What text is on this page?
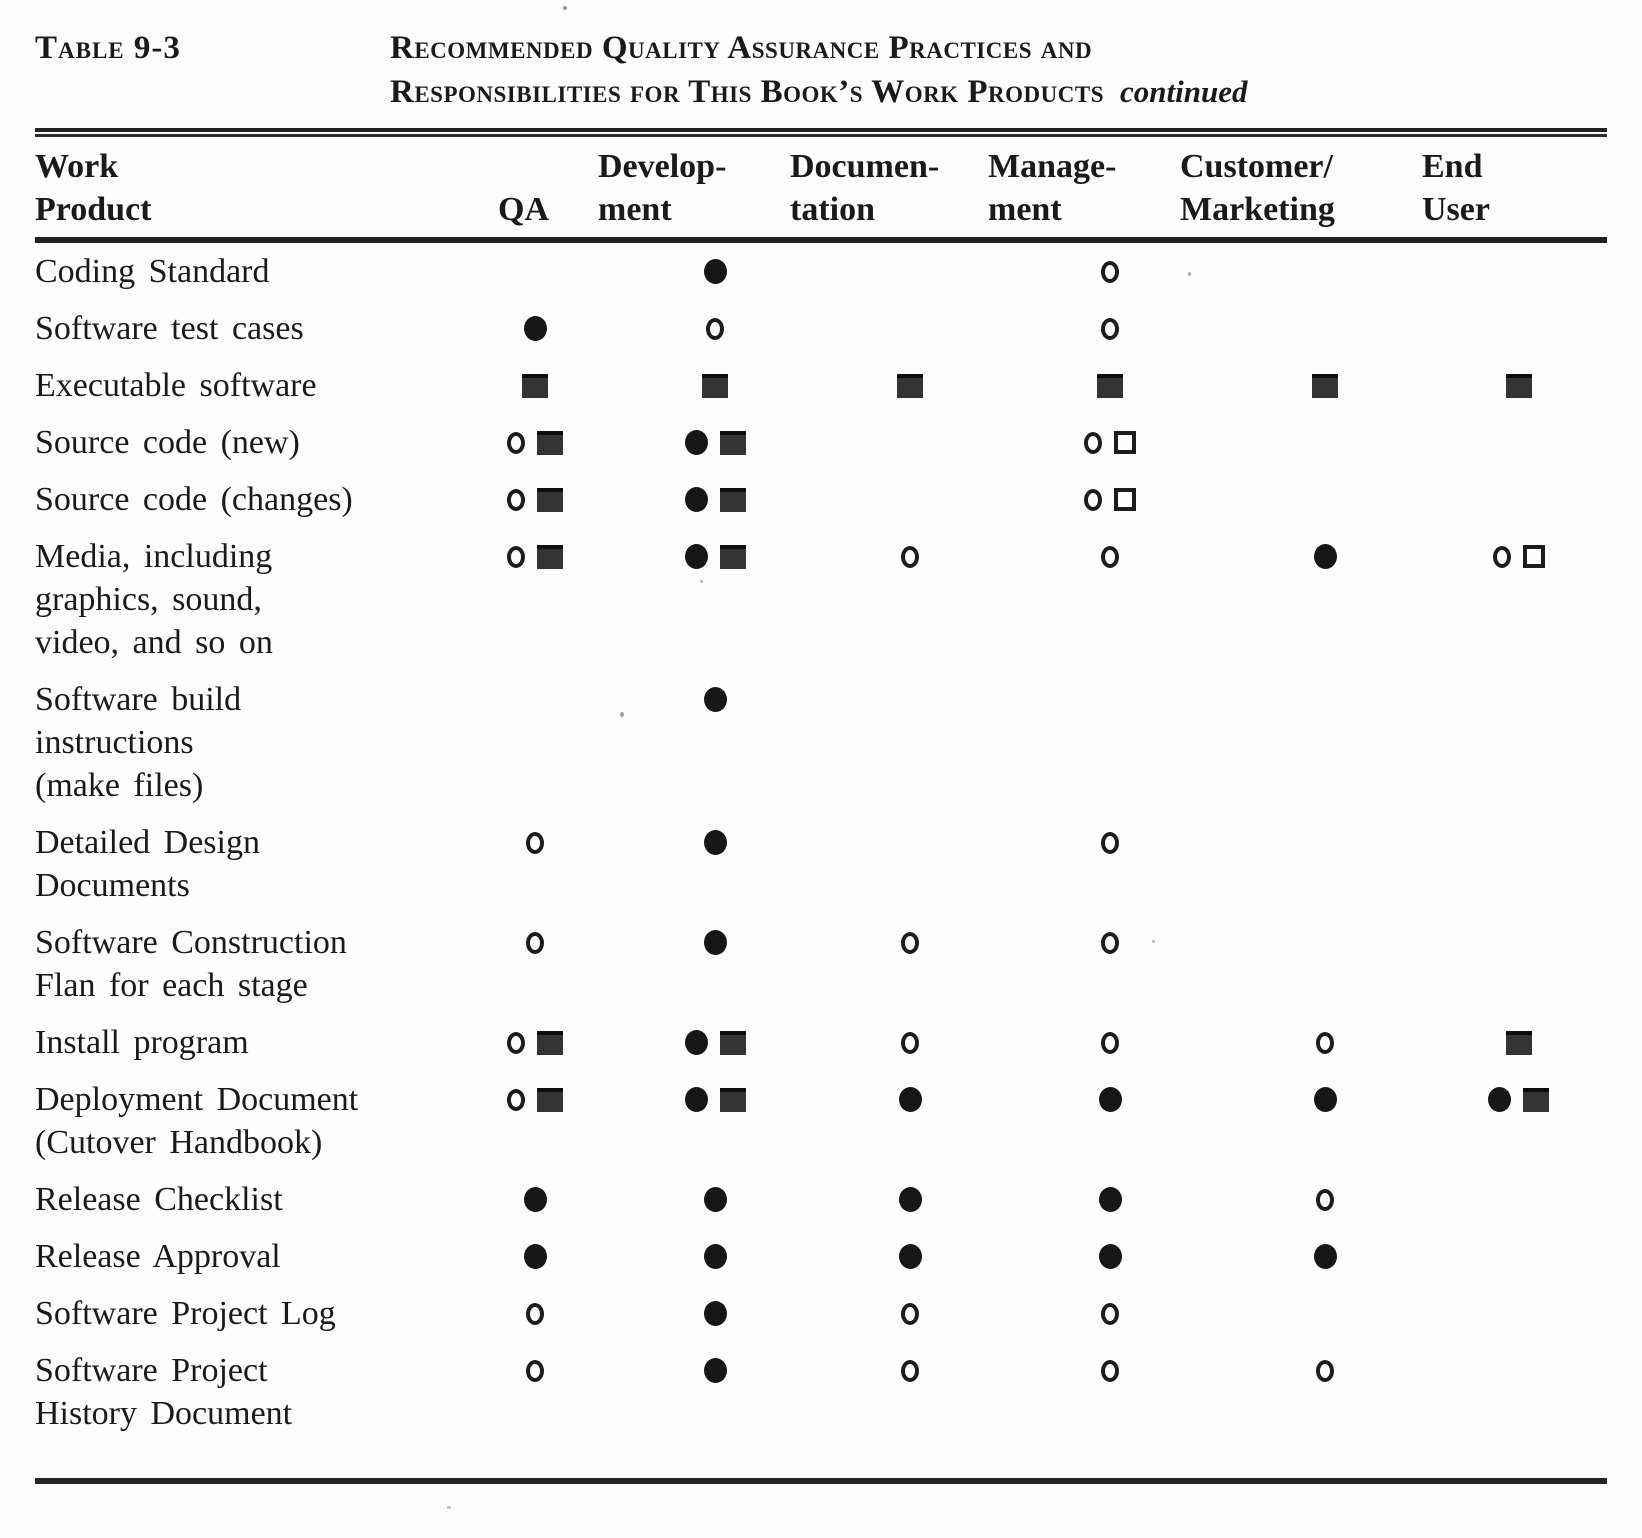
Table 9-3	Recommended Quality Assurance Practices and
Responsibilities for This Book’s Work Products continued
Work
Product	QA
Develop-
ment
Documen-
tation
Manage-
ment
Customer/
Marketing
End
User
Coding Standard
Software test cases
Executable software
Source code (new)
Source code (changes)
Media, including
graphics, sound,
video, and so on
Software build
instructions
(make files)
Detailed Design
Documents
Software Construction
Flan for each stage
Install program
Deployment Document
(Cutover Handbook)
Release Checklist
Release Approval
Software Project Log
Software Project
History Document
